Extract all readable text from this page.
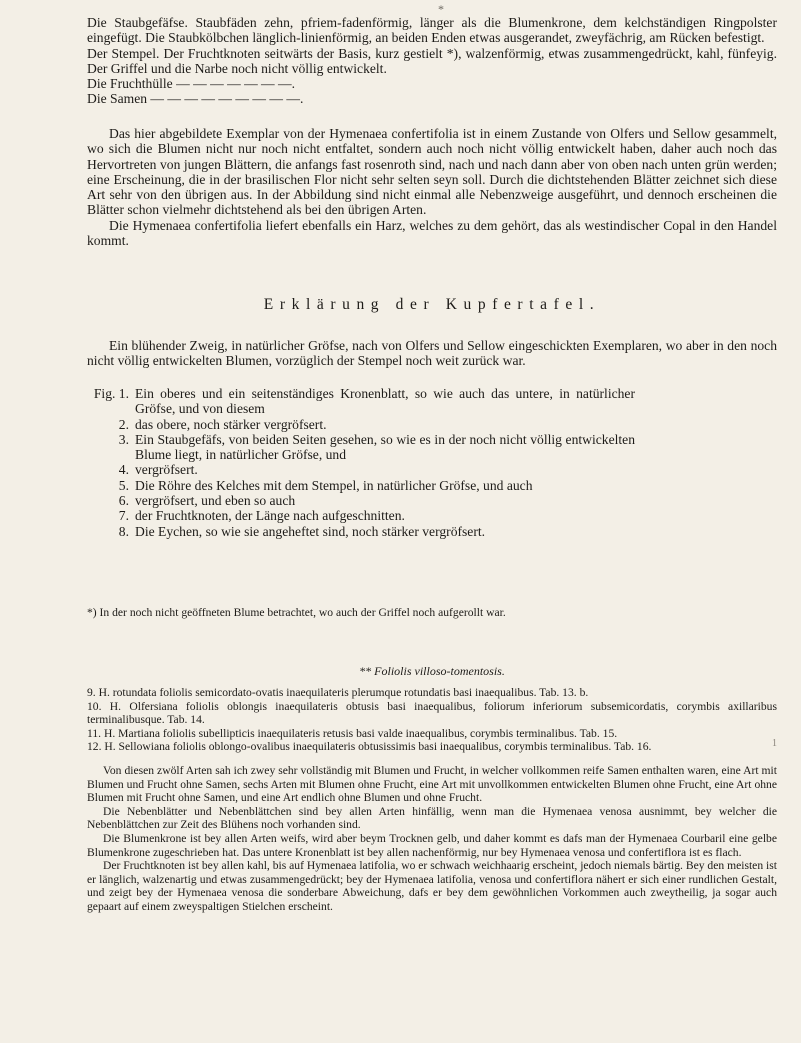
*

Die Staubgefäfse. Staubfäden zehn, pfriem-fadenförmig, länger als die Blumenkrone, dem kelchständigen Ringpolster eingefügt. Die Staubkölbchen länglich-linienförmig, an beiden Enden etwas ausgerandet, zweyfächrig, am Rücken befestigt.

Der Stempel. Der Fruchtknoten seitwärts der Basis, kurz gestielt *), walzenförmig, etwas zusammengedrückt, kahl, fünfeyig. Der Griffel und die Narbe noch nicht völlig entwickelt.

Die Fruchthülle — — — — — — —.

Die Samen — — — — — — — — —.

Das hier abgebildete Exemplar von der Hymenaea confertifolia ist in einem Zustande von Olfers und Sellow gesammelt, wo sich die Blumen nicht nur noch nicht entfaltet, sondern auch noch nicht völlig entwickelt haben, daher auch noch das Hervortreten von jungen Blättern, die anfangs fast rosenroth sind, nach und nach dann aber von oben nach unten grün werden; eine Erscheinung, die in der brasilischen Flor nicht sehr selten seyn soll. Durch die dichtstehenden Blätter zeichnet sich diese Art sehr von den übrigen aus. In der Abbildung sind nicht einmal alle Nebenzweige ausgeführt, und dennoch erscheinen die Blätter schon vielmehr dichtstehend als bei den übrigen Arten.

Die Hymenaea confertifolia liefert ebenfalls ein Harz, welches zu dem gehört, das als westindischer Copal in den Handel kommt.

Erklärung der Kupfertafel.

Ein blühender Zweig, in natürlicher Gröfse, nach von Olfers und Sellow eingeschickten Exemplaren, wo aber in den noch nicht völlig entwickelten Blumen, vorzüglich der Stempel noch weit zurück war.

Fig. 1. Ein oberes und ein seitenständiges Kronenblatt, so wie auch das untere, in natürlicher Gröfse, und von diesem
2. das obere, noch stärker vergröfsert.
3. Ein Staubgefäfs, von beiden Seiten gesehen, so wie es in der noch nicht völlig entwickelten Blume liegt, in natürlicher Gröfse, und
4. vergröfsert.
5. Die Röhre des Kelches mit dem Stempel, in natürlicher Gröfse, und auch
6. vergröfsert, und eben so auch
7. der Fruchtknoten, der Länge nach aufgeschnitten.
8. Die Eychen, so wie sie angeheftet sind, noch stärker vergröfsert.

*) In der noch nicht geöffneten Blume betrachtet, wo auch der Griffel noch aufgerollt war.

** Foliolis villoso-tomentosis.

9. H. rotundata foliolis semicordato-ovatis inaequilateris plerumque rotundatis basi inaequalibus. Tab. 13. b.

10. H. Olfersiana foliolis oblongis inaequilateris obtusis basi inaequalibus, foliorum inferiorum subsemicordatis, corymbis axillaribus terminalibusque. Tab. 14.

11. H. Martiana foliolis subellipticis inaequilateris retusis basi valde inaequalibus, corymbis terminalibus. Tab. 15.

12. H. Sellowiana foliolis oblongo-ovalibus inaequilateris obtusissimis basi inaequalibus, corymbis terminalibus. Tab. 16.	1

Von diesen zwölf Arten sah ich zwey sehr vollständig mit Blumen und Frucht, in welcher vollkommen reife Samen enthalten waren, eine Art mit Blumen und Frucht ohne Samen, sechs Arten mit Blumen ohne Frucht, eine Art mit unvollkommen entwickelten Blumen ohne Frucht, eine Art ohne Blumen mit Frucht ohne Samen, und eine Art endlich ohne Blumen und ohne Frucht.

Die Nebenblätter und Nebenblättchen sind bey allen Arten hinfällig, wenn man die Hymenaea venosa ausnimmt, bey welcher die Nebenblättchen zur Zeit des Blühens noch vorhanden sind.

Die Blumenkrone ist bey allen Arten weifs, wird aber beym Trocknen gelb, und daher kommt es dafs man der Hymenaea Courbaril eine gelbe Blumenkrone zugeschrieben hat. Das untere Kronenblatt ist bey allen nachenförmig, nur bey Hymenaea venosa und confertiflora ist es flach.

Der Fruchtknoten ist bey allen kahl, bis auf Hymenaea latifolia, wo er schwach weichhaarig erscheint, jedoch niemals bärtig. Bey den meisten ist er länglich, walzenartig und etwas zusammengedrückt; bey der Hymenaea latifolia, venosa und confertiflora nähert er sich einer rundlichen Gestalt, und zeigt bey der Hymenaea venosa die sonderbare Abweichung, dafs er bey dem gewöhnlichen Vorkommen auch zweytheilig, ja sogar auch gepaart auf einem zweyspaltigen Stielchen erscheint.
